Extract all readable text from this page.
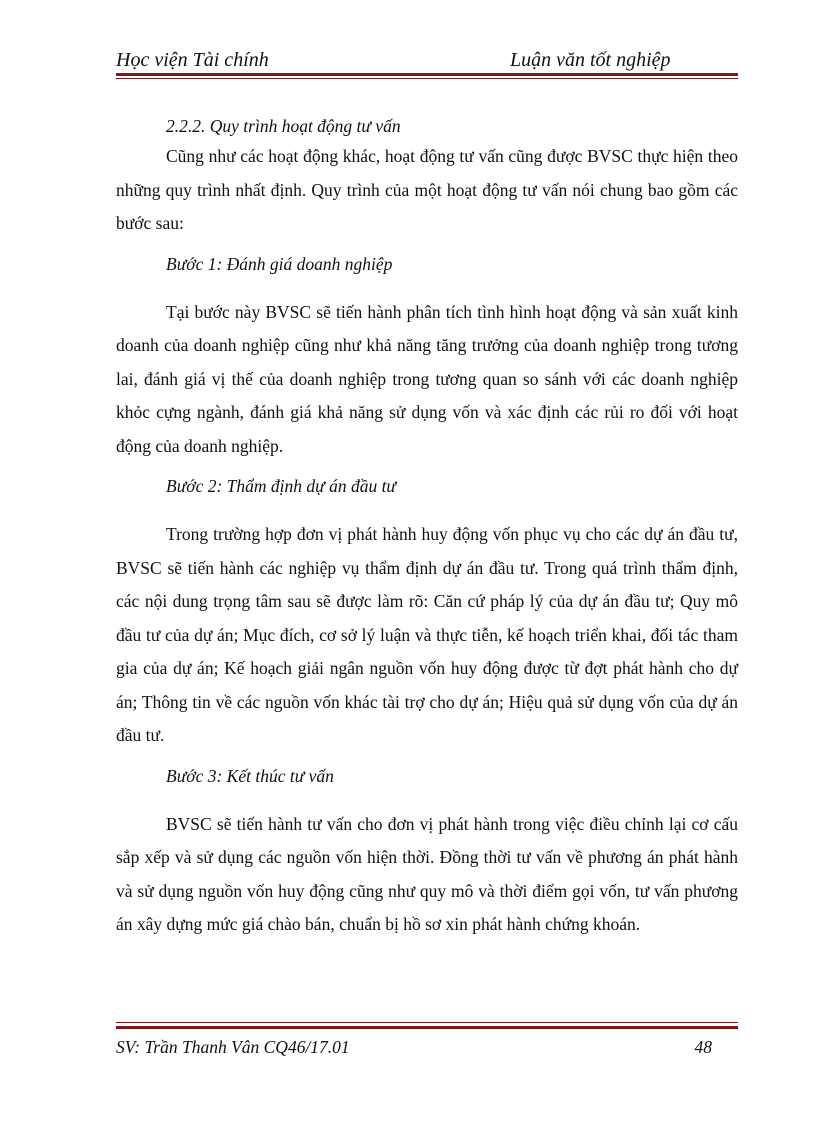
Học viện Tài chính	Luận văn tốt nghiệp

2.2.2. Quy trình hoạt động tư vấn

Cũng như các hoạt động khác, hoạt động tư vấn cũng được BVSC thực hiện theo những quy trình nhất định. Quy trình của một hoạt động tư vấn nói chung bao gồm các bước sau:

Bước 1: Đánh giá doanh nghiệp

Tại bước này BVSC sẽ tiến hành phân tích tình hình hoạt động và sản xuất kinh doanh của doanh nghiệp cũng như khả năng tăng trưởng của doanh nghiệp trong tương lai, đánh giá vị thế của doanh nghiệp trong tương quan so sánh với các doanh nghiệp khỏc cựng ngành, đánh giá khả năng sử dụng vốn và xác định các rủi ro đối với hoạt động của doanh nghiệp.

Bước 2: Thẩm định dự án đầu tư

Trong trường hợp đơn vị phát hành huy động vốn phục vụ cho các dự án đầu tư, BVSC sẽ tiến hành các nghiệp vụ thẩm định dự án đầu tư. Trong quá trình thẩm định, các nội dung trọng tâm sau sẽ được làm rõ: Căn cứ pháp lý của dự án đầu tư; Quy mô đầu tư của dự án; Mục đích, cơ sở lý luận và thực tiễn, kế hoạch triển khai, đối tác tham gia của dự án; Kế hoạch giải ngân nguồn vốn huy động được từ đợt phát hành cho dự án; Thông tin về các nguồn vốn khác tài trợ cho dự án; Hiệu quả sử dụng vốn của dự án đầu tư.

Bước 3: Kết thúc tư vấn

BVSC sẽ tiến hành tư vấn cho đơn vị phát hành trong việc điều chỉnh lại cơ cấu sắp xếp và sử dụng các nguồn vốn hiện thời. Đồng thời tư vấn về phương án phát hành và sử dụng nguồn vốn huy động cũng như quy mô và thời điểm gọi vốn, tư vấn phương án xây dựng mức giá chào bán, chuẩn bị hồ sơ xin phát hành chứng khoán.

SV: Trần Thanh Vân CQ46/17.01	48
